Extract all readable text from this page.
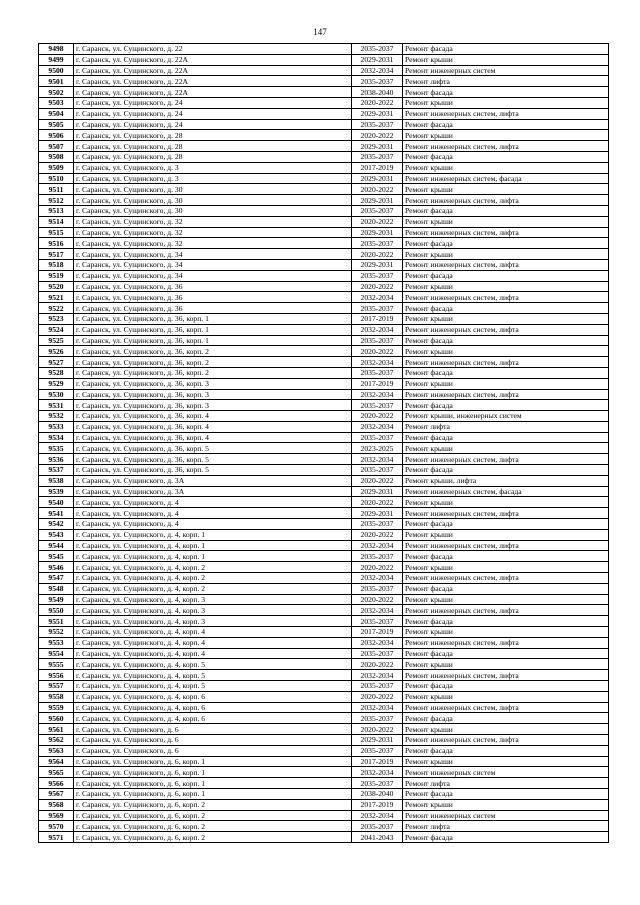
147
9498	г. Саранск, ул. Сущинского, д. 22	2035-2037	Ремонт фасада
9499	г. Саранск, ул. Сущинского, д. 22А	2029-2031	Ремонт крыши
9500	г. Саранск, ул. Сущинского, д. 22А	2032-2034	Ремонт инженерных систем
9501	г. Саранск, ул. Сущинского, д. 22А	2035-2037	Ремонт лифта
9502	г. Саранск, ул. Сущинского, д. 22А	2038-2040	Ремонт фасада
9503	г. Саранск, ул. Сущинского, д. 24	2020-2022	Ремонт крыши
9504	г. Саранск, ул. Сущинского, д. 24	2029-2031	Ремонт инженерных систем, лифта
9505	г. Саранск, ул. Сущинского, д. 24	2035-2037	Ремонт фасада
9506	г. Саранск, ул. Сущинского, д. 28	2020-2022	Ремонт крыши
9507	г. Саранск, ул. Сущинского, д. 28	2029-2031	Ремонт инженерных систем, лифта
9508	г. Саранск, ул. Сущинского, д. 28	2035-2037	Ремонт фасада
9509	г. Саранск, ул. Сущинского, д. 3	2017-2019	Ремонт крыши
9510	г. Саранск, ул. Сущинского, д. 3	2029-2031	Ремонт инженерных систем, фасада
9511	г. Саранск, ул. Сущинского, д. 30	2020-2022	Ремонт крыши
9512	г. Саранск, ул. Сущинского, д. 30	2029-2031	Ремонт инженерных систем, лифта
9513	г. Саранск, ул. Сущинского, д. 30	2035-2037	Ремонт фасада
9514	г. Саранск, ул. Сущинского, д. 32	2020-2022	Ремонт крыши
9515	г. Саранск, ул. Сущинского, д. 32	2029-2031	Ремонт инженерных систем, лифта
9516	г. Саранск, ул. Сущинского, д. 32	2035-2037	Ремонт фасада
9517	г. Саранск, ул. Сущинского, д. 34	2020-2022	Ремонт крыши
9518	г. Саранск, ул. Сущинского, д. 34	2029-2031	Ремонт инженерных систем, лифта
9519	г. Саранск, ул. Сущинского, д. 34	2035-2037	Ремонт фасада
9520	г. Саранск, ул. Сущинского, д. 36	2020-2022	Ремонт крыши
9521	г. Саранск, ул. Сущинского, д. 36	2032-2034	Ремонт инженерных систем, лифта
9522	г. Саранск, ул. Сущинского, д. 36	2035-2037	Ремонт фасада
9523	г. Саранск, ул. Сущинского, д. 36, корп. 1	2017-2019	Ремонт крыши
9524	г. Саранск, ул. Сущинского, д. 36, корп. 1	2032-2034	Ремонт инженерных систем, лифта
9525	г. Саранск, ул. Сущинского, д. 36, корп. 1	2035-2037	Ремонт фасада
9526	г. Саранск, ул. Сущинского, д. 36, корп. 2	2020-2022	Ремонт крыши
9527	г. Саранск, ул. Сущинского, д. 36, корп. 2	2032-2034	Ремонт инженерных систем, лифта
9528	г. Саранск, ул. Сущинского, д. 36, корп. 2	2035-2037	Ремонт фасада
9529	г. Саранск, ул. Сущинского, д. 36, корп. 3	2017-2019	Ремонт крыши
9530	г. Саранск, ул. Сущинского, д. 36, корп. 3	2032-2034	Ремонт инженерных систем, лифта
9531	г. Саранск, ул. Сущинского, д. 36, корп. 3	2035-2037	Ремонт фасада
9532	г. Саранск, ул. Сущинского, д. 36, корп. 4	2020-2022	Ремонт крыши, инженерных систем
9533	г. Саранск, ул. Сущинского, д. 36, корп. 4	2032-2034	Ремонт лифта
9534	г. Саранск, ул. Сущинского, д. 36, корп. 4	2035-2037	Ремонт фасада
9535	г. Саранск, ул. Сущинского, д. 36, корп. 5	2023-2025	Ремонт крыши
9536	г. Саранск, ул. Сущинского, д. 36, корп. 5	2032-2034	Ремонт инженерных систем, лифта
9537	г. Саранск, ул. Сущинского, д. 36, корп. 5	2035-2037	Ремонт фасада
9538	г. Саранск, ул. Сущинского, д. 3А	2020-2022	Ремонт крыши, лифта
9539	г. Саранск, ул. Сущинского, д. 3А	2029-2031	Ремонт инженерных систем, фасада
9540	г. Саранск, ул. Сущинского, д. 4	2020-2022	Ремонт крыши
9541	г. Саранск, ул. Сущинского, д. 4	2029-2031	Ремонт инженерных систем, лифта
9542	г. Саранск, ул. Сущинского, д. 4	2035-2037	Ремонт фасада
9543	г. Саранск, ул. Сущинского, д. 4, корп. 1	2020-2022	Ремонт крыши
9544	г. Саранск, ул. Сущинского, д. 4, корп. 1	2032-2034	Ремонт инженерных систем, лифта
9545	г. Саранск, ул. Сущинского, д. 4, корп. 1	2035-2037	Ремонт фасада
9546	г. Саранск, ул. Сущинского, д. 4, корп. 2	2020-2022	Ремонт крыши
9547	г. Саранск, ул. Сущинского, д. 4, корп. 2	2032-2034	Ремонт инженерных систем, лифта
9548	г. Саранск, ул. Сущинского, д. 4, корп. 2	2035-2037	Ремонт фасада
9549	г. Саранск, ул. Сущинского, д. 4, корп. 3	2020-2022	Ремонт крыши
9550	г. Саранск, ул. Сущинского, д. 4, корп. 3	2032-2034	Ремонт инженерных систем, лифта
9551	г. Саранск, ул. Сущинского, д. 4, корп. 3	2035-2037	Ремонт фасада
9552	г. Саранск, ул. Сущинского, д. 4, корп. 4	2017-2019	Ремонт крыши
9553	г. Саранск, ул. Сущинского, д. 4, корп. 4	2032-2034	Ремонт инженерных систем, лифта
9554	г. Саранск, ул. Сущинского, д. 4, корп. 4	2035-2037	Ремонт фасада
9555	г. Саранск, ул. Сущинского, д. 4, корп. 5	2020-2022	Ремонт крыши
9556	г. Саранск, ул. Сущинского, д. 4, корп. 5	2032-2034	Ремонт инженерных систем, лифта
9557	г. Саранск, ул. Сущинского, д. 4, корп. 5	2035-2037	Ремонт фасада
9558	г. Саранск, ул. Сущинского, д. 4, корп. 6	2020-2022	Ремонт крыши
9559	г. Саранск, ул. Сущинского, д. 4, корп. 6	2032-2034	Ремонт инженерных систем, лифта
9560	г. Саранск, ул. Сущинского, д. 4, корп. 6	2035-2037	Ремонт фасада
9561	г. Саранск, ул. Сущинского, д. 6	2020-2022	Ремонт крыши
9562	г. Саранск, ул. Сущинского, д. 6	2029-2031	Ремонт инженерных систем, лифта
9563	г. Саранск, ул. Сущинского, д. 6	2035-2037	Ремонт фасада
9564	г. Саранск, ул. Сущинского, д. 6, корп. 1	2017-2019	Ремонт крыши
9565	г. Саранск, ул. Сущинского, д. 6, корп. 1	2032-2034	Ремонт инженерных систем
9566	г. Саранск, ул. Сущинского, д. 6, корп. 1	2035-2037	Ремонт лифта
9567	г. Саранск, ул. Сущинского, д. 6, корп. 1	2038-2040	Ремонт фасада
9568	г. Саранск, ул. Сущинского, д. 6, корп. 2	2017-2019	Ремонт крыши
9569	г. Саранск, ул. Сущинского, д. 6, корп. 2	2032-2034	Ремонт инженерных систем
9570	г. Саранск, ул. Сущинского, д. 6, корп. 2	2035-2037	Ремонт лифта
9571	г. Саранск, ул. Сущинского, д. 6, корп. 2	2041-2043	Ремонт фасада
